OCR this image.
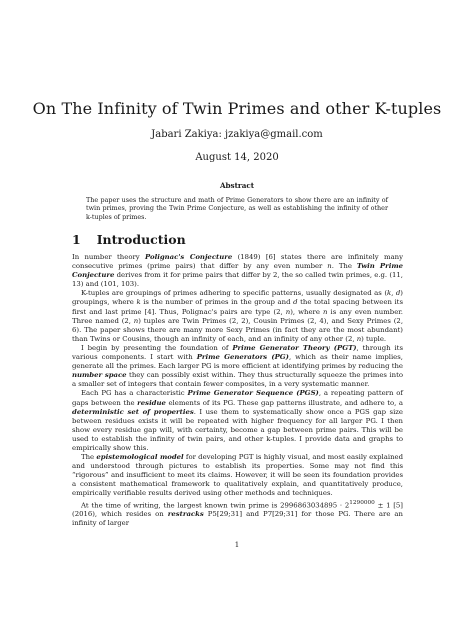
On The Infinity of Twin Primes and other K-tuples
Jabari Zakiya: jzakiya@gmail.com
August 14, 2020
Abstract
The paper uses the structure and math of Prime Generators to show there are an infinity of twin primes, proving the Twin Prime Conjecture, as well as establishing the infinity of other k-tuples of primes.
1 Introduction

In number theory Polignac's Conjecture (1849) [6] states there are infinitely many consecutive primes (prime pairs) that differ by any even number n. The Twin Prime Conjecture derives from it for prime pairs that differ by 2, the so called twin primes, e.g. (11, 13) and (101, 103).

K-tuples are groupings of primes adhering to specific patterns, usually designated as (k, d) groupings, where k is the number of primes in the group and d the total spacing between its first and last prime [4]. Thus, Polignac's pairs are type (2, n), where n is any even number. Three named (2, n) tuples are Twin Primes (2, 2), Cousin Primes (2, 4), and Sexy Primes (2, 6). The paper shows there are many more Sexy Primes (in fact they are the most abundant) than Twins or Cousins, though an infinity of each, and an infinity of any other (2, n) tuple.

I begin by presenting the foundation of Prime Generator Theory (PGT), through its various components. I start with Prime Generators (PG), which as their name implies, generate all the primes. Each larger PG is more efficient at identifying primes by reducing the number space they can possibly exist within. They thus structurally squeeze the primes into a smaller set of integers that contain fewer composites, in a very systematic manner.

Each PG has a characteristic Prime Generator Sequence (PGS), a repeating pattern of gaps between the residue elements of its PG. These gap patterns illustrate, and adhere to, a deterministic set of properties. I use them to systematically show once a PGS gap size between residues exists it will be repeated with higher frequency for all larger PG. I then show every residue gap will, with certainty, become a gap between prime pairs. This will be used to establish the infinity of twin pairs, and other k-tuples. I provide data and graphs to empirically show this.

The epistemological model for developing PGT is highly visual, and most easily explained and understood through pictures to establish its properties. Some may not find this “rigorous” and insufficient to meet its claims. However, it will be seen its foundation provides a consistent mathematical framework to qualitatively explain, and quantitatively produce, empirically verifiable results derived using other methods and techniques.

At the time of writing, the largest known twin prime is $2996863034895 \cdot 2^{1290000} \pm 1$ [5] (2016), which resides on restracks P5[29;31] and P7[29;31] for those PG. There are an infinity of larger

1
